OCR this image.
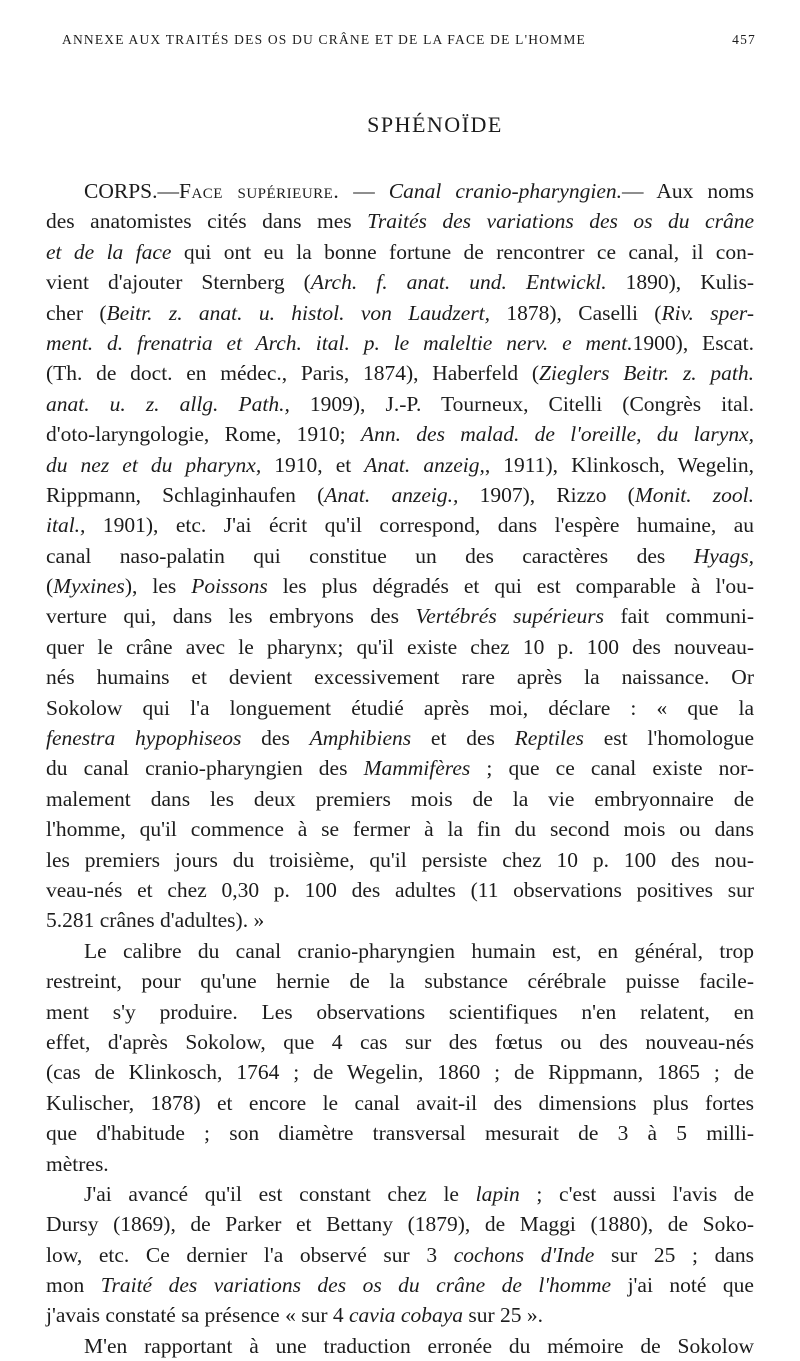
ANNEXE AUX TRAITÉS DES OS DU CRÂNE ET DE LA FACE DE L'HOMME	457
SPHÉNOÏDE
CORPS.—Face supérieure. — Canal cranio-pharyngien.— Aux noms
des anatomistes cités dans mes Traités des variations des os du crâne
et de la face qui ont eu la bonne fortune de rencontrer ce canal, il con-
vient d'ajouter Sternberg (Arch. f. anat. und. Entwickl. 1890), Kulis-
cher (Beitr. z. anat. u. histol. von Laudzert, 1878), Caselli (Riv. sper-
ment. d. frenatria et Arch. ital. p. le maleltie nerv. e ment.1900), Escat.
(Th. de doct. en médec., Paris, 1874), Haberfeld (Zieglers Beitr. z. path.
anat. u. z. allg. Path., 1909), J.-P. Tourneux, Citelli (Congrès ital.
d'oto-laryngologie, Rome, 1910; Ann. des malad. de l'oreille, du larynx,
du nez et du pharynx, 1910, et Anat. anzeig,, 1911), Klinkosch, Wegelin,
Rippmann, Schlaginhaufen (Anat. anzeig., 1907), Rizzo (Monit. zool.
ital., 1901), etc. J'ai écrit qu'il correspond, dans l'espère humaine, au
canal naso-palatin qui constitue un des caractères des Hyags,
(Myxines), les Poissons les plus dégradés et qui est comparable à l'ou-
verture qui, dans les embryons des Vertébrés supérieurs fait communi-
quer le crâne avec le pharynx; qu'il existe chez 10 p. 100 des nouveau-
nés humains et devient excessivement rare après la naissance. Or
Sokolow qui l'a longuement étudié après moi, déclare : « que la
fenestra hypophiseos des Amphibiens et des Reptiles est l'homologue
du canal cranio-pharyngien des Mammifères ; que ce canal existe nor-
malement dans les deux premiers mois de la vie embryonnaire de
l'homme, qu'il commence à se fermer à la fin du second mois ou dans
les premiers jours du troisième, qu'il persiste chez 10 p. 100 des nou-
veau-nés et chez 0,30 p. 100 des adultes (11 observations positives sur
5.281 crânes d'adultes). »
Le calibre du canal cranio-pharyngien humain est, en général, trop
restreint, pour qu'une hernie de la substance cérébrale puisse facile-
ment s'y produire. Les observations scientifiques n'en relatent, en
effet, d'après Sokolow, que 4 cas sur des fœtus ou des nouveau-nés
(cas de Klinkosch, 1764 ; de Wegelin, 1860 ; de Rippmann, 1865 ; de
Kulischer, 1878) et encore le canal avait-il des dimensions plus fortes
que d'habitude ; son diamètre transversal mesurait de 3 à 5 milli-
mètres.
J'ai avancé qu'il est constant chez le lapin ; c'est aussi l'avis de
Dursy (1869), de Parker et Bettany (1879), de Maggi (1880), de Soko-
low, etc. Ce dernier l'a observé sur 3 cochons d'Inde sur 25 ; dans
mon Traité des variations des os du crâne de l'homme j'ai noté que
j'avais constaté sa présence « sur 4 cavia cobaya sur 25 ».
M'en rapportant à une traduction erronée du mémoire de Sokolow
